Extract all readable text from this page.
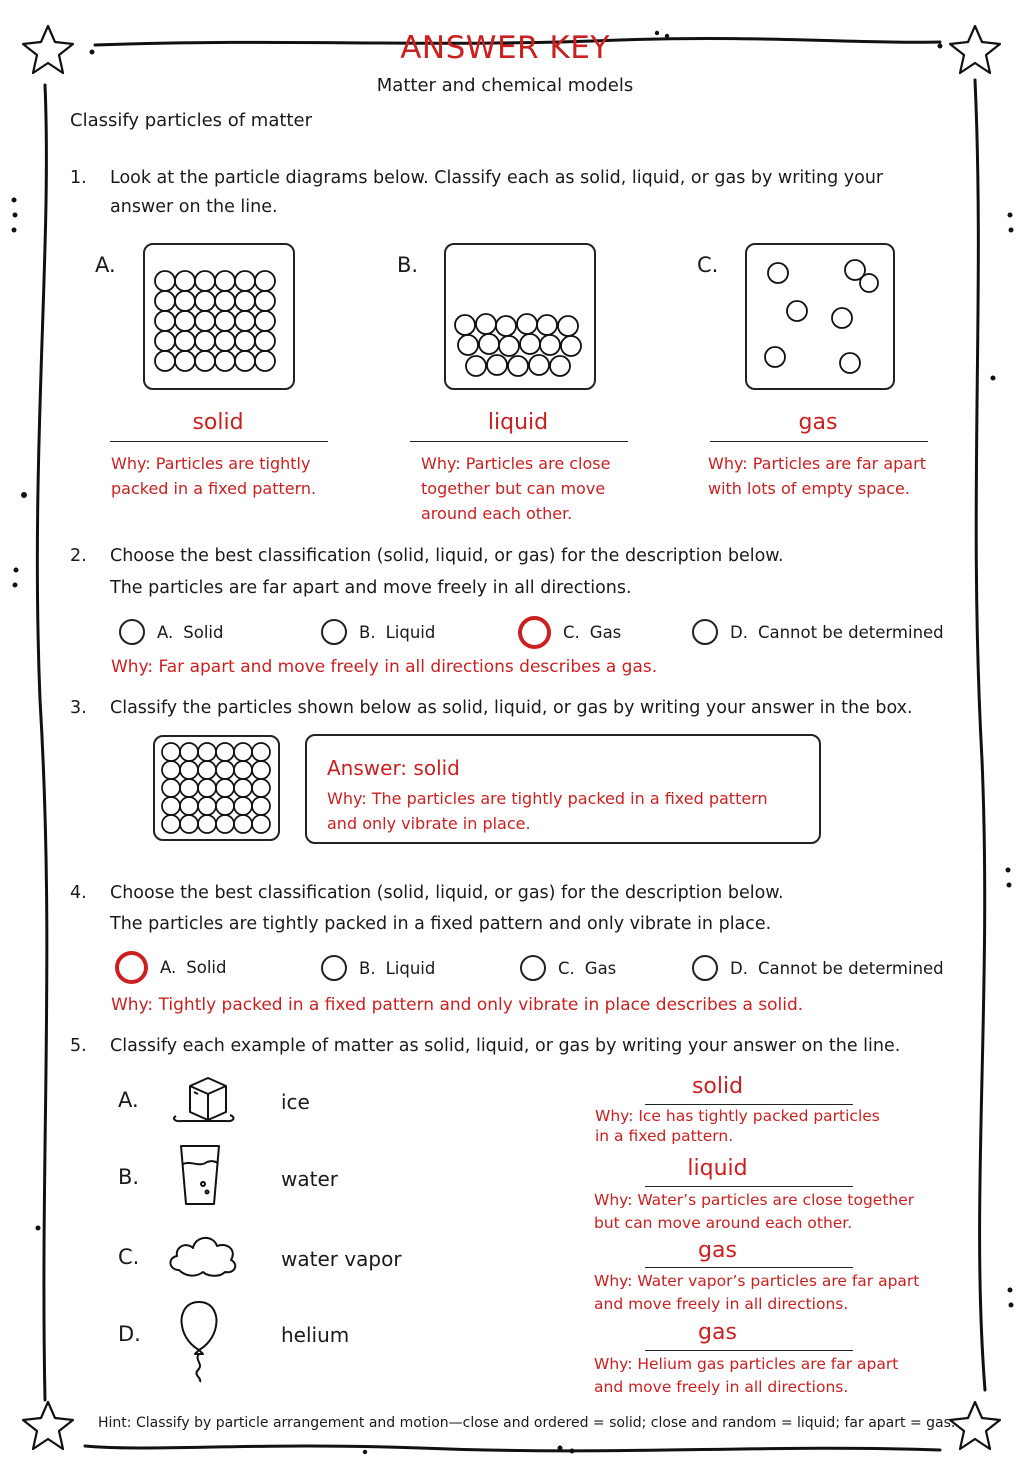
ANSWER KEY
Matter and chemical models
Classify particles of matter
1. Look at the particle diagrams below. Classify each as solid, liquid, or gas by writing your
answer on the line.
A.	B.	C.
solid	liquid	gas
Why: Particles are tightly
packed in a fixed pattern.
Why: Particles are close
together but can move
around each other.
Why: Particles are far apart
with lots of empty space.
2. Choose the best classification (solid, liquid, or gas) for the description below.
The particles are far apart and move freely in all directions.
A. Solid	B. Liquid	C. Gas	D. Cannot be determined
Why: Far apart and move freely in all directions describes a gas.
3. Classify the particles shown below as solid, liquid, or gas by writing your answer in the box.
Answer: solid
Why: The particles are tightly packed in a fixed pattern
and only vibrate in place.
4. Choose the best classification (solid, liquid, or gas) for the description below.
The particles are tightly packed in a fixed pattern and only vibrate in place.
A. Solid	B. Liquid	C. Gas	D. Cannot be determined
Why: Tightly packed in a fixed pattern and only vibrate in place describes a solid.
5. Classify each example of matter as solid, liquid, or gas by writing your answer on the line.
A.	ice
B.	water
C.	water vapor
D.	helium
solid
Why: Ice has tightly packed particles
in a fixed pattern.
liquid
Why: Water’s particles are close together
but can move around each other.
gas
Why: Water vapor’s particles are far apart
and move freely in all directions.
gas
Why: Helium gas particles are far apart
and move freely in all directions.
Hint: Classify by particle arrangement and motion—close and ordered = solid; close and random = liquid; far apart = gas.
